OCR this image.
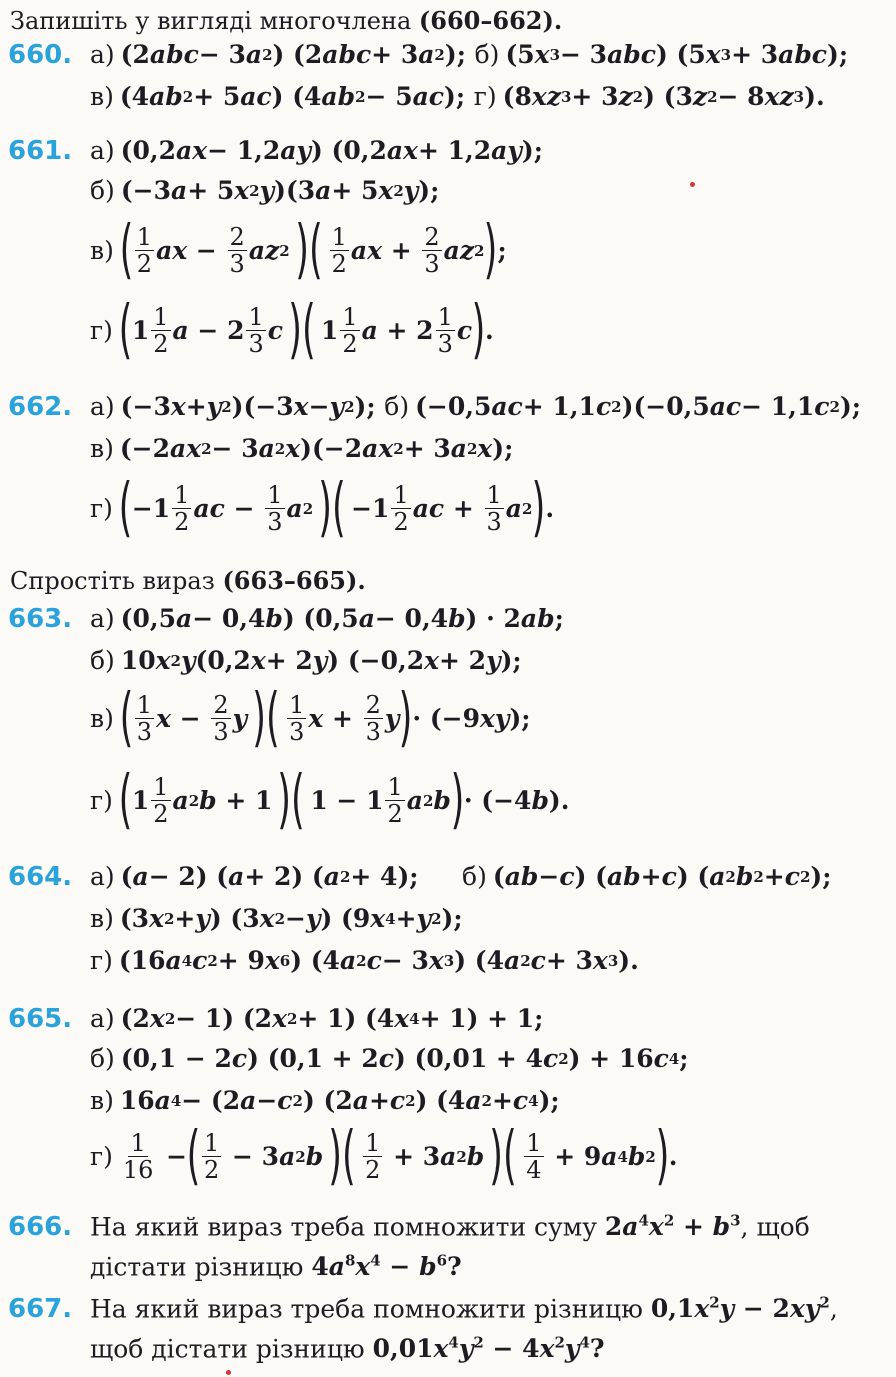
Запишіть у вигляді многочлена (660–662).
660. а) (2 abc − 3 a 2 ) (2 abc + 3 a 2 ); б) (5 x 3 − 3 abc ) (5 x 3 + 3 abc );
в) (4 ab 2 + 5 ac ) (4 ab 2 − 5 ac ); г) (8 xz 3 + 3 z 2 ) (3 z 2 − 8 xz 3 ).
661. а) (0,2 ax − 1,2 ay ) (0,2 ax + 1,2 ay );
б) (−3 a + 5 x 2 y )(3 a + 5 x 2 y );
в) ( $\frac{1}{2}$ ax − $\frac{2}{3}$ az 2 )( $\frac{1}{2}$ ax + $\frac{2}{3}$ az 2 ) ;
г) ( $1 \frac{1}{2}$ $a - 2 \frac{1}{3}$ c )( $1 \frac{1}{2}$ $a + 2 \frac{1}{3}$ c ) .
662. а) (−3 x + y 2 )(−3 x − y 2 ); б) (−0,5 ac + 1,1 c 2 )(−0,5 ac − 1,1 c 2 );
в) (−2 ax 2 − 3 a 2 x )(−2 ax 2 + 3 a 2 x );
г) ( $-1 \frac{1}{2}$ ac − $\frac{1}{3}$ a 2 )( $-1 \frac{1}{2}$ ac + $\frac{1}{3}$ a 2 ) .
Спростіть вираз (663–665).
663. а) (0,5 a − 0,4 b ) (0,5 a − 0,4 b ) · 2 ab ;
б) 10 x 2 y (0,2 x + 2 y ) (−0,2 x + 2 y );
в) ( $\frac{1}{3}$ $x - \frac{2}{3}$ y )( $\frac{1}{3}$ $x + \frac{2}{3}$ y ) · (−9 xy );
г) ( $1 \frac{1}{2}$ a 2 b + 1 )( $1 - 1 \frac{1}{2}$ a 2 b ) · (−4 b ).
664. а) ( a − 2) ( a + 2) ( a 2 + 4); б) ( ab − c ) ( ab + c ) ( a 2 b 2 + c 2 );
в) (3 x 2 + y ) (3 x 2 − y ) (9 x 4 + y 2 );
г) (16 a 4 c 2 + 9 x 6 ) (4 a 2 c − 3 x 3 ) (4 a 2 c + 3 x 3 ).
665. а) (2 x 2 − 1) (2 x 2 + 1) (4 x 4 + 1) + 1;
б) (0,1 − 2 c ) (0,1 + 2 c ) (0,01 + 4 c 2 ) + 16 c 4 ;
в) 16 a 4 − (2 a − c 2 ) (2 a + c 2 ) (4 a 2 + c 4 );
$г) \frac{1}{16}$ − ( $\frac{1}{2} - 3$ a 2 b )( $\frac{1}{2} + 3$ a 2 b )( $\frac{1}{4} + 9$ a 4 b 2 ) .
666. На який вираз треба помножити суму $2a^4x^2 + b^3$, щоб
дістати різницю $4a^8x^4 - b^6$?
667. На який вираз треба помножити різницю $0,1x^2y - 2xy^2$,
щоб дістати різницю $0,01x^4y^2 - 4x^2y^4$?
